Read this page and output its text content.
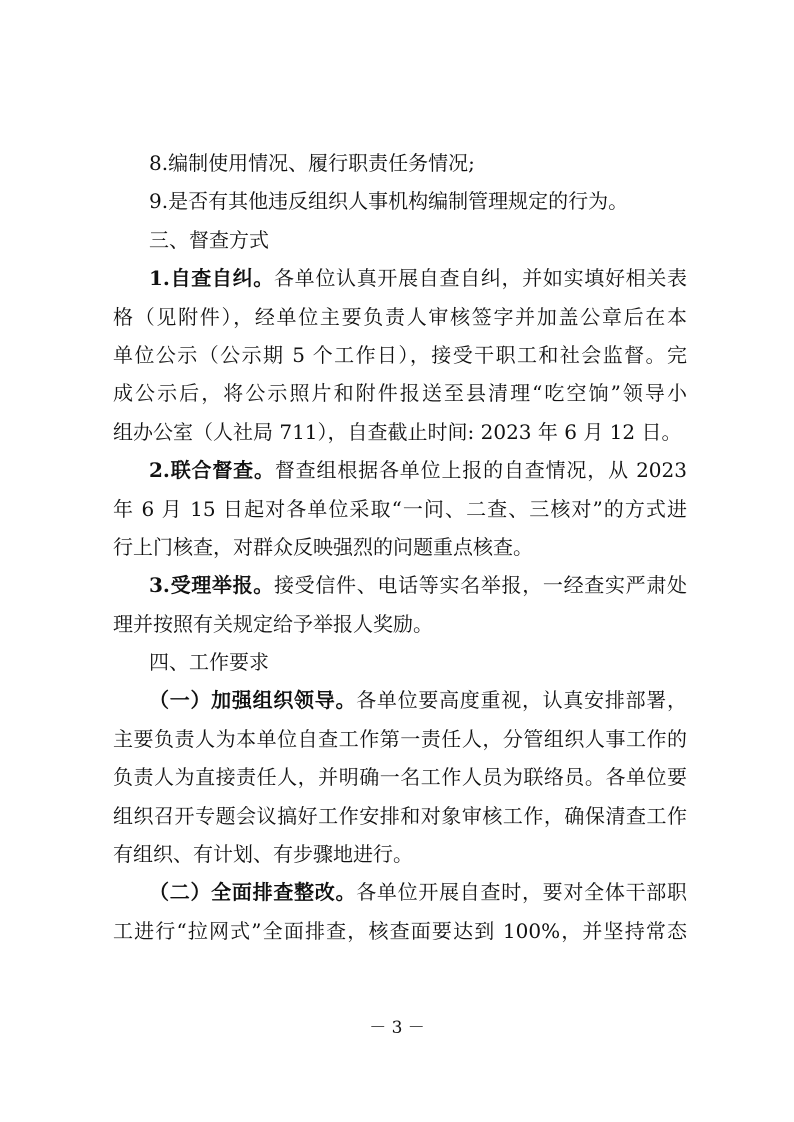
8.编制使用情况、履行职责任务情况;

9.是否有其他违反组织人事机构编制管理规定的行为。

三、督查方式

1.自查自纠。各单位认真开展自查自纠，并如实填好相关表

格（见附件），经单位主要负责人审核签字并加盖公章后在本

单位公示（公示期 5 个工作日），接受干职工和社会监督。完

成公示后，将公示照片和附件报送至县清理“吃空饷”领导小

组办公室（人社局 711），自查截止时间: 2023 年 6 月 12 日。

2.联合督查。督查组根据各单位上报的自查情况，从 2023

年 6 月 15 日起对各单位采取“一问、二查、三核对”的方式进

行上门核查，对群众反映强烈的问题重点核查。

3.受理举报。接受信件、电话等实名举报，一经查实严肃处

理并按照有关规定给予举报人奖励。

四、工作要求

（一）加强组织领导。各单位要高度重视，认真安排部署，

主要负责人为本单位自查工作第一责任人，分管组织人事工作的

负责人为直接责任人，并明确一名工作人员为联络员。各单位要

组织召开专题会议搞好工作安排和对象审核工作，确保清查工作

有组织、有计划、有步骤地进行。

（二）全面排查整改。各单位开展自查时，要对全体干部职

工进行“拉网式”全面排查，核查面要达到 100%，并坚持常态

－ 3 －
